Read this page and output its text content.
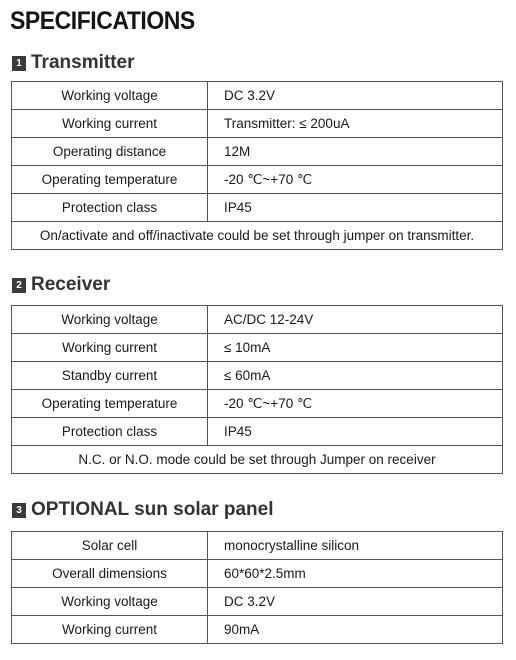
SPECIFICATIONS
1 Transmitter
Working voltage	DC 3.2V
Working current	Transmitter: ≤ 200uA
Operating distance	12M
Operating temperature	-20 ℃~+70 ℃
Protection class	IP45
On/activate and off/inactivate could be set through jumper on transmitter.	
2 Receiver
Working voltage	AC/DC 12-24V
Working current	≤ 10mA
Standby current	≤ 60mA
Operating temperature	-20 ℃~+70 ℃
Protection class	IP45
N.C. or N.O. mode could be set through Jumper on receiver	
3 OPTIONAL sun solar panel
Solar cell	monocrystalline silicon
Overall dimensions	60*60*2.5mm
Working voltage	DC 3.2V
Working current	90mA
